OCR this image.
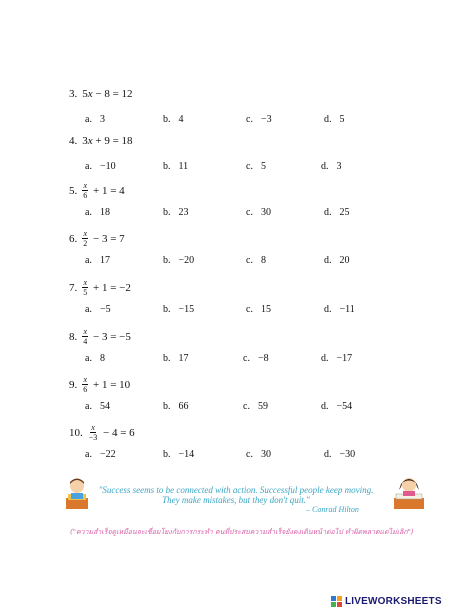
3. 5 x − 8 = 12
a. 3	b. 4	c. −3	d. 5
4. 3 x + 9 = 18
a. −10	b. 11	c. 5	d. 3
5. $\frac{x}{6} + 1 = 4$
a. 18	b. 23	c. 30	d. 25
6. $\frac{x}{2} - 3 = 7$
a. 17	b. −20	c. 8	d. 20
7. $\frac{x}{5} + 1 = -2$
a. −5	b. −15	c. 15	d. −11
8. $\frac{x}{4} - 3 = -5$
a. 8	b. 17	c. −8	d. −17
9. $\frac{x}{6} + 1 = 10$
a. 54	b. 66	c. 59	d. −54
10. $\frac{x}{-3} - 4 = 6$
a. −22	b. −14	c. 30	d. −30
"Success seems to be connected with action. Successful people keep moving.
They make mistakes, but they don't quit."
– Conrad Hilton
("ความสำเร็จดูเหมือนจะเชื่อมโยงกับการกระทำ คนที่ประสบความสำเร็จยังคงเดินหน้าต่อไป ทำผิดพลาดแต่ไม่เลิก")
LIVEWORKSHEETS
